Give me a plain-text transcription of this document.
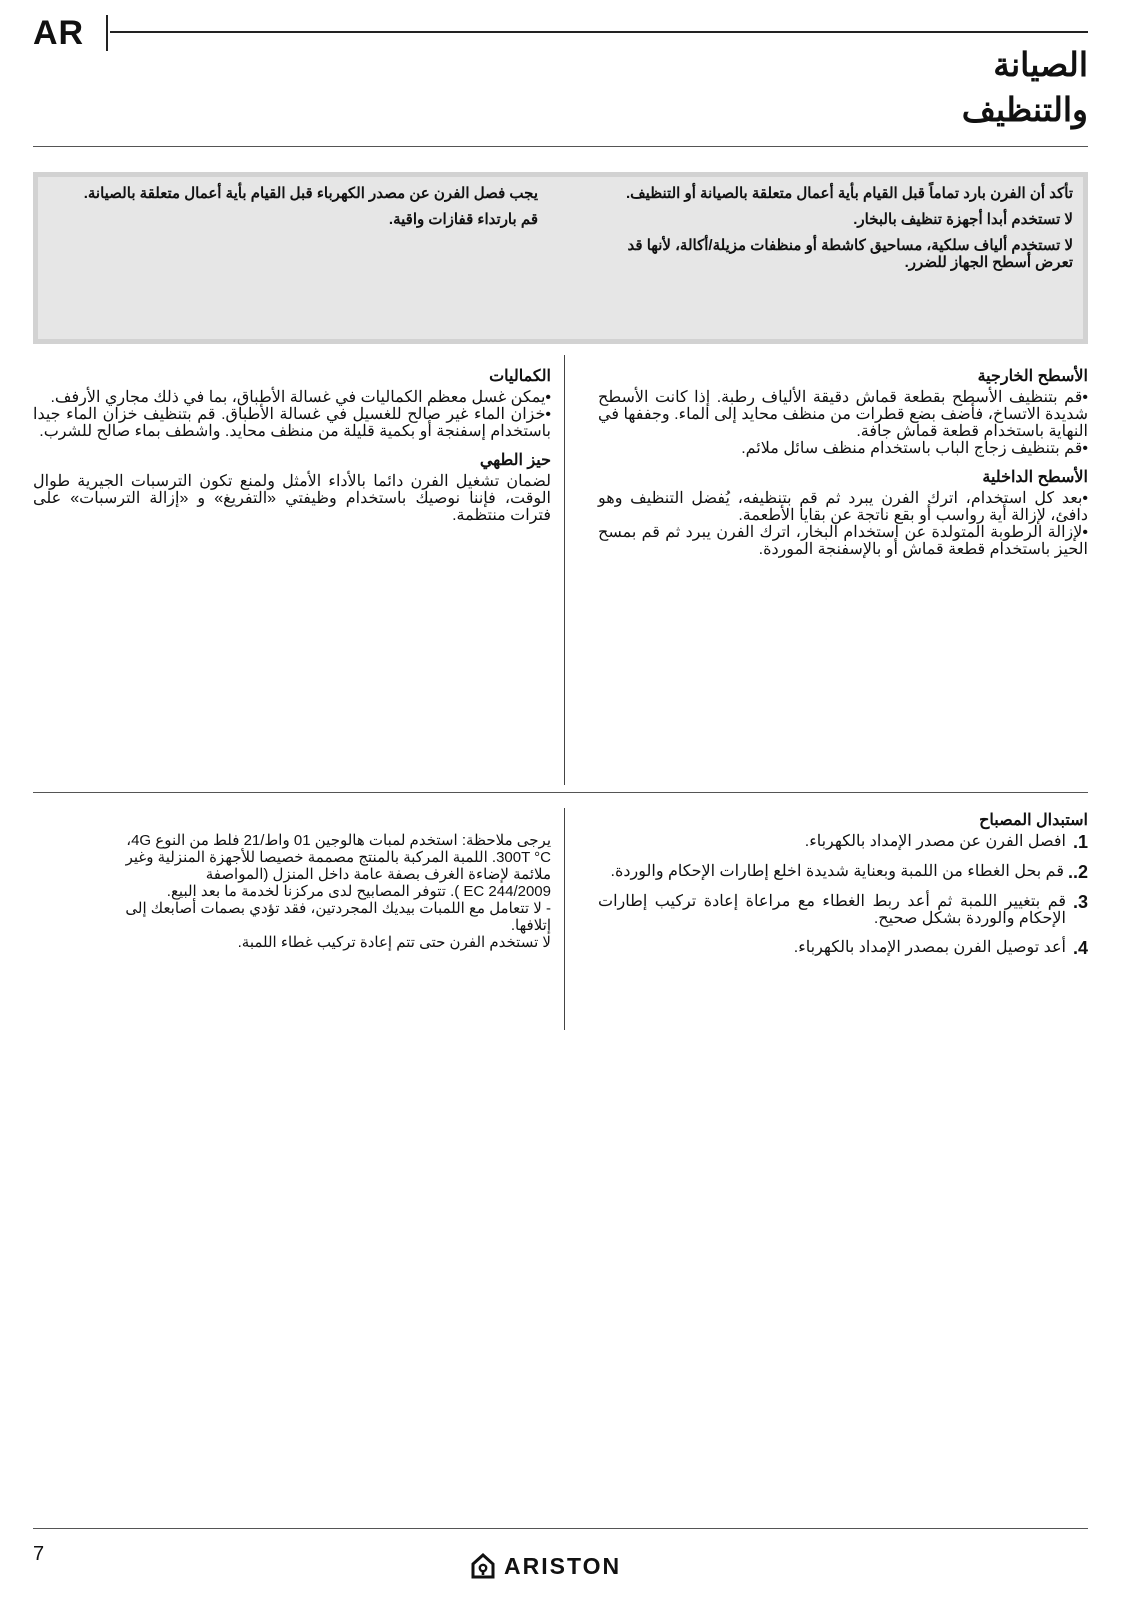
AR
الصيانة
والتنظيف

تأكد أن الفرن بارد تماماً قبل القيام بأية أعمال متعلقة بالصيانة أو التنظيف.

لا تستخدم أبدا أجهزة تنظيف بالبخار.

لا تستخدم ألياف سلكية، مساحيق كاشطة أو منظفات مزيلة/أكالة، لأنها قد تعرض أسطح الجهاز للضرر.

يجب فصل الفرن عن مصدر الكهرباء قبل القيام بأية أعمال متعلقة بالصيانة.

قم بارتداء قفازات واقية.

الأسطح الخارجية

•قم بتنظيف الأسطح بقطعة قماش دقيقة الألياف رطبة. إذا كانت الأسطح شديدة الاتساخ، فأضف بضع قطرات من منظف محايد إلى الماء. وجففها في النهاية باستخدام قطعة قماش جافة.

•قم بتنظيف زجاج الباب باستخدام منظف سائل ملائم.

الأسطح الداخلية

•بعد كل استخدام، اترك الفرن يبرد ثم قم بتنظيفه، يُفضل التنظيف وهو دافئ، لإزالة أية رواسب أو بقع ناتجة عن بقايا الأطعمة.

•لإزالة الرطوبة المتولدة عن استخدام البخار، اترك الفرن يبرد ثم قم بمسح الحيز باستخدام قطعة قماش أو بالإسفنجة الموردة.

الكماليات

•يمكن غسل معظم الكماليات في غسالة الأطباق، بما في ذلك مجاري الأرفف.

•خزان الماء غير صالح للغسيل في غسالة الأطباق. قم بتنظيف خزان الماء جيدا باستخدام إسفنجة أو بكمية قليلة من منظف محايد. واشطف بماء صالح للشرب.

حيز الطهي

لضمان تشغيل الفرن دائما بالأداء الأمثل ولمنع تكون الترسبات الجيرية طوال الوقت، فإننا نوصيك باستخدام وظيفتي «التفريغ» و «إزالة الترسبات» على فترات منتظمة.

استبدال المصباح
1.
افصل الفرن عن مصدر الإمداد بالكهرباء.
2..
قم بحل الغطاء من اللمبة وبعناية شديدة اخلع إطارات الإحكام والوردة.
3.
قم بتغيير اللمبة ثم أعد ربط الغطاء مع مراعاة إعادة تركيب إطارات الإحكام والوردة بشكل صحيح.
4.
أعد توصيل الفرن بمصدر الإمداد بالكهرباء.
يرجى ملاحظة: استخدم لمبات هالوجين 01 واط/21 فلط من النوع 4G،
300T °C. اللمبة المركبة بالمنتج مصممة خصيصا للأجهزة المنزلية وغير
ملائمة لإضاءة الغرف بصفة عامة داخل المنزل (المواصفة
EC 244/2009 ). تتوفر المصابيح لدى مركزنا لخدمة ما بعد البيع.
- لا تتعامل مع اللمبات بيديك المجردتين، فقد تؤدي بصمات أصابعك إلى
إتلافها.
لا تستخدم الفرن حتى تتم إعادة تركيب غطاء اللمبة.
7	ARISTON
